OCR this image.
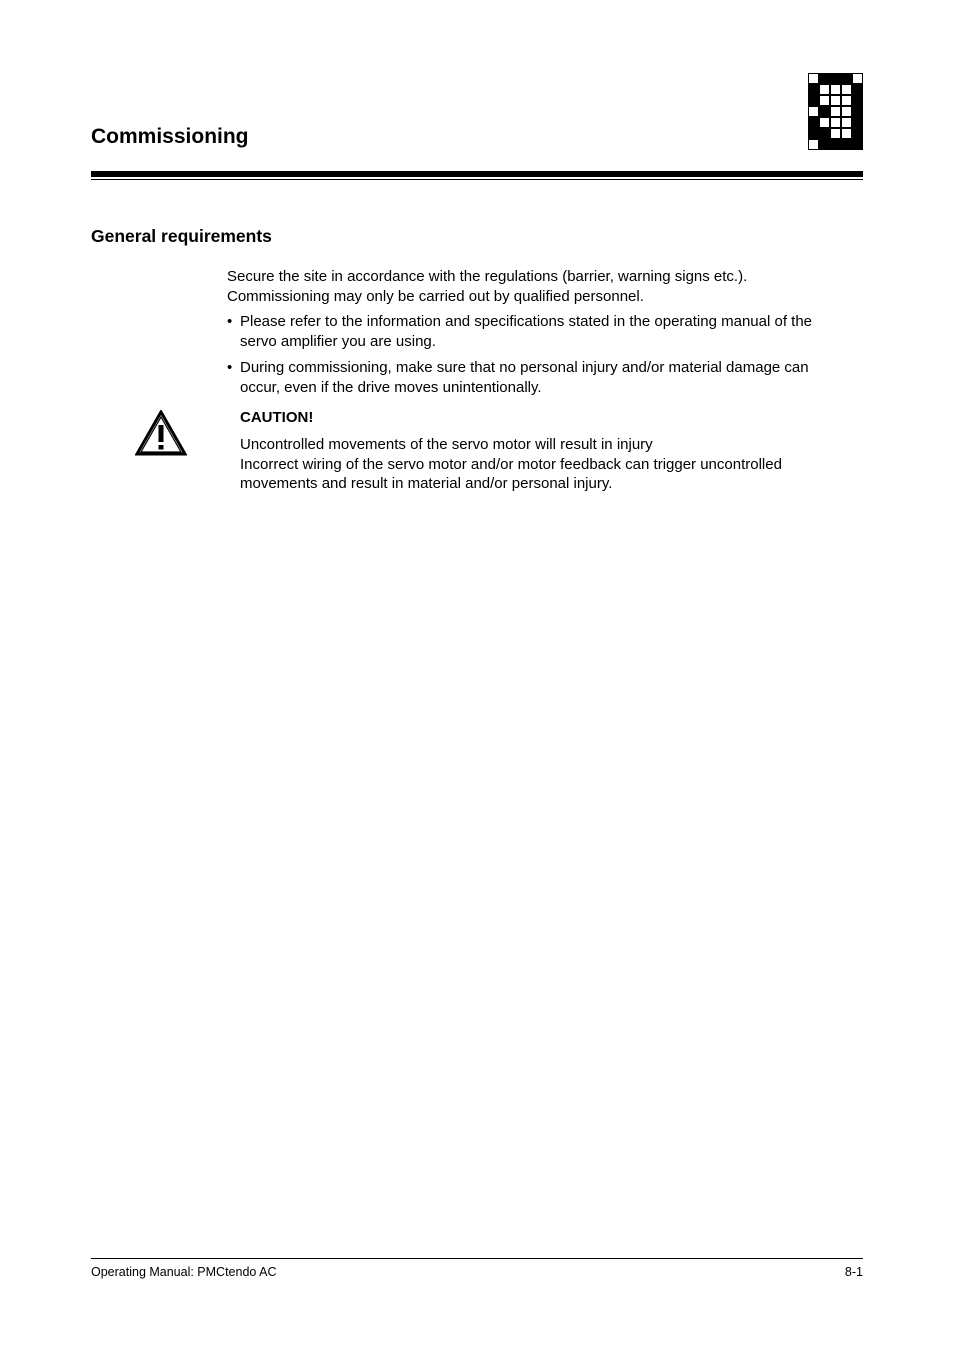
Commissioning
General requirements
Secure the site in accordance with the regulations (barrier, warning signs etc.).
Commissioning may only be carried out by qualified personnel.
• Please refer to the information and specifications stated in the operating manual of the
servo amplifier you are using.
• During commissioning, make sure that no personal injury and/or material damage can
occur, even if the drive moves unintentionally.
CAUTION!
Uncontrolled movements of the servo motor will result in injury
Incorrect wiring of the servo motor and/or motor feedback can trigger uncontrolled
movements and result in material and/or personal injury.
Operating Manual: PMCtendo AC	8-1
